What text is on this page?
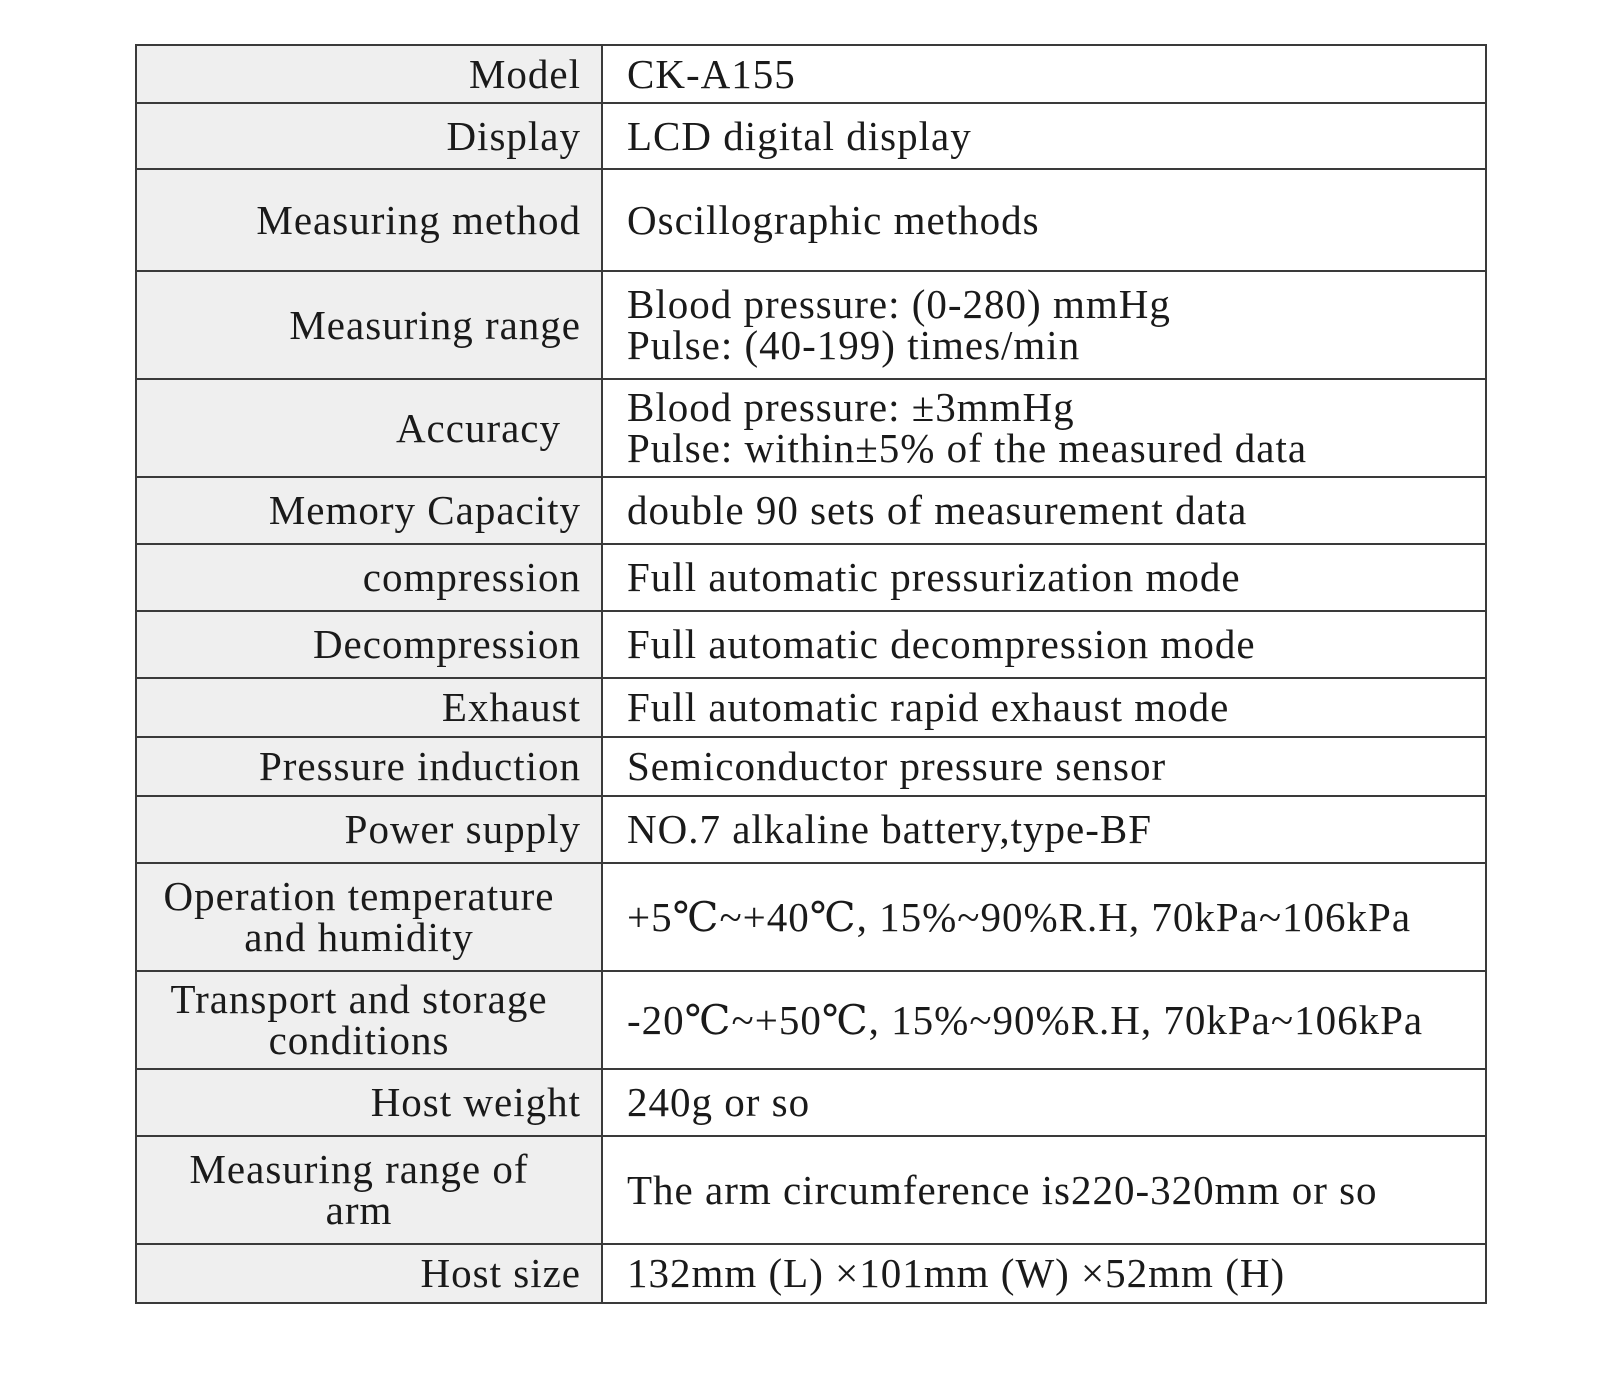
Model	CK-A155

Display	LCD digital display

Measuring method	Oscillographic methods

Measuring range	Blood pressure: (0-280) mmHg
Pulse: (40-199) times/min

Accuracy	Blood pressure: ±3mmHg
Pulse: within±5% of the measured data

Memory Capacity	double 90 sets of measurement data

compression	Full automatic pressurization mode

Decompression	Full automatic decompression mode

Exhaust	Full automatic rapid exhaust mode

Pressure induction	Semiconductor pressure sensor

Power supply	NO.7 alkaline battery,type-BF

Operation temperature
and humidity	+5℃~+40℃, 15%~90%R.H, 70kPa~106kPa

Transport and storage
conditions	-20℃~+50℃, 15%~90%R.H, 70kPa~106kPa

Host weight	240g or so

Measuring range of
arm	The arm circumference is220-320mm or so

Host size	132mm (L) ×101mm (W) ×52mm (H)
